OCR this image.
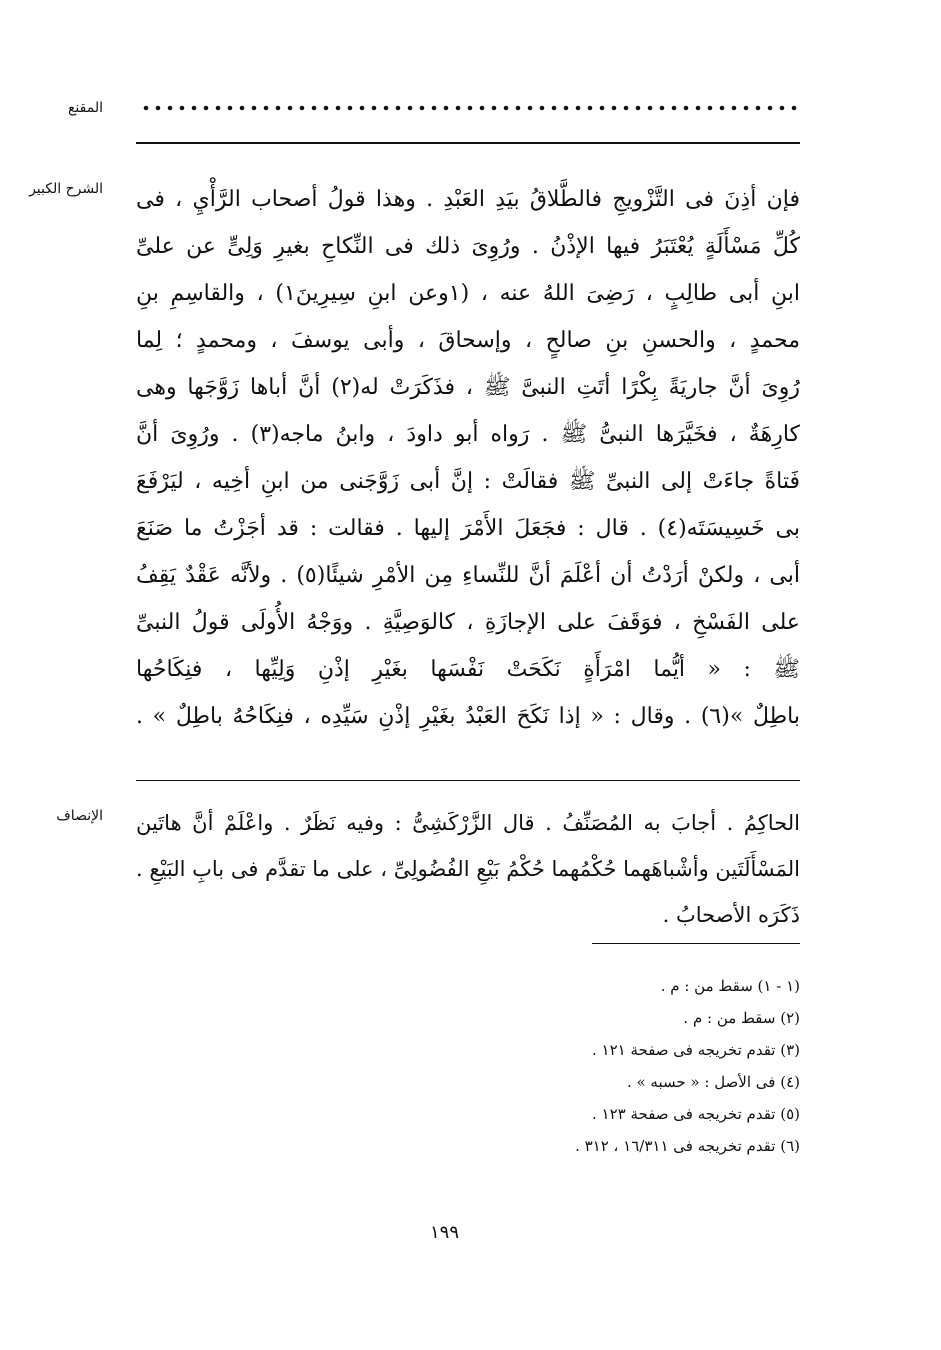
المقنع
الشرح الكبير فإن أذِنَ فى التَّزْويجِ فالطَّلاقُ بيَدِ العَبْدِ . وهذا قولُ أصحاب الرَّأْيِ ، فى
كُلِّ مَسْأَلَةٍ يُعْتَبَرُ فيها الإذْنُ . ورُوِىَ ذلك فى النِّكاحِ بغيرِ وَلِىٍّ عن علىِّ
ابنِ أبى طالِبٍ ، رَضِىَ اللهُ عنه ، (١وعن ابنِ سِيرِينَ١) ، والقاسِمِ بنِ
محمدٍ ، والحسنِ بنِ صالحٍ ، وإسحاقَ ، وأبى يوسفَ ، ومحمدٍ ؛ لِما
رُوِىَ أنَّ جاريَةً بِكْرًا أتَتِ النبىَّ ﷺ ، فذَكَرَتْ له(٢) أنَّ أباها زَوَّجَها وهى
كارِهَةٌ ، فخَيَّرَها النبىُّ ﷺ . رَواه أبو داودَ ، وابنُ ماجه(٣) . ورُوِىَ أنَّ
فَتاةً جاءَتْ إلى النبىِّ ﷺ فقالَتْ : إنَّ أبى زَوَّجَنى من ابنِ أخِيه ، ليَرْفَعَ
بى خَسِيسَتَه(٤) . قال : فجَعَلَ الأَمْرَ إليها . فقالت : قد أجَزْتُ ما صَنَعَ
أبى ، ولكنْ أرَدْتُ أن أعْلَمَ أنَّ للنِّساءِ مِن الأمْرِ شيئًا(٥) . ولأنَّه عَقْدٌ يَقِفُ
على الفَسْخِ ، فوَقَفَ على الإجازَةِ ، كالوَصِيَّةِ . ووَجْهُ الأُولَى قولُ النبىِّ
ﷺ : « أيُّما امْرَأَةٍ نَكَحَتْ نَفْسَها بغَيْرِ إذْنِ وَلِيِّها ، فنِكَاحُها
باطِلٌ »(٦) . وقال : « إذا نَكَحَ العَبْدُ بغَيْرِ إذْنِ سَيِّدِه ، فنِكَاحُهُ باطِلٌ » .
الإنصاف الحاكِمُ . أجابَ به المُصَنِّفُ . قال الزَّرْكَشِىُّ : وفيه نَظَرٌ . واعْلَمْ أنَّ هاتَين
المَسْأَلَتَين وأشْباهَهما حُكْمُهما حُكْمُ بَيْعِ الفُضُولِىِّ ، على ما تقدَّم فى بابِ البَيْعِ .
ذَكَرَه الأصحابُ .
(١ - ١) سقط من : م .
(٢) سقط من : م .
(٣) تقدم تخريجه فى صفحة ١٢١ .
(٤) فى الأصل : « حسبه » .
(٥) تقدم تخريجه فى صفحة ١٢٣ .
(٦) تقدم تخريجه فى ١٦/٣١١ ، ٣١٢ .
١٩٩
